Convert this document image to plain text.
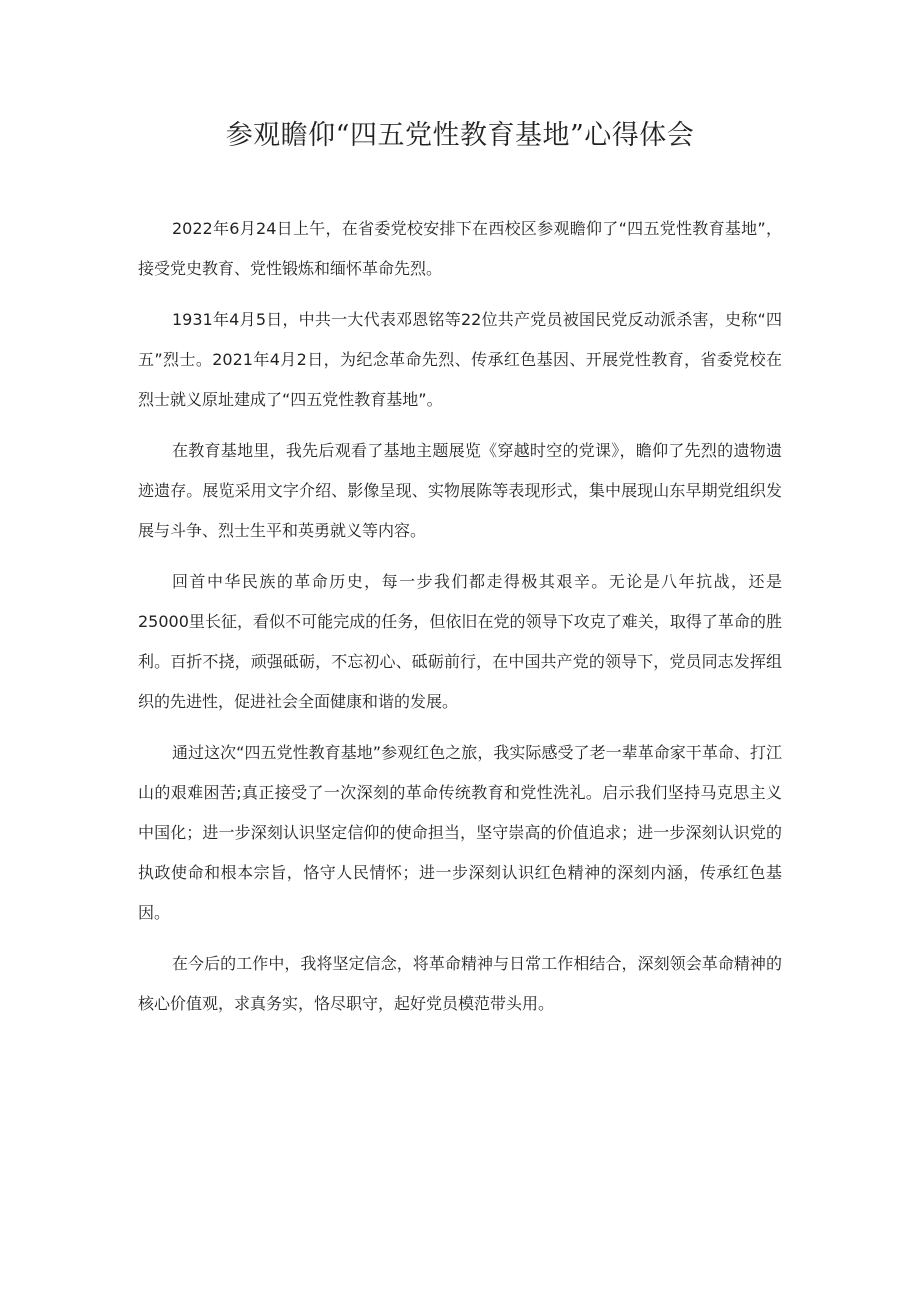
参观瞻仰“四五党性教育基地”心得体会

2022年6月24日上午，在省委党校安排下在西校区参观瞻仰了“四五党性教育基地”，接受党史教育、党性锻炼和缅怀革命先烈。

1931年4月5日，中共一大代表邓恩铭等22位共产党员被国民党反动派杀害，史称“四五”烈士。2021年4月2日，为纪念革命先烈、传承红色基因、开展党性教育，省委党校在烈士就义原址建成了“四五党性教育基地”。

在教育基地里，我先后观看了基地主题展览《穿越时空的党课》，瞻仰了先烈的遗物遗迹遗存。展览采用文字介绍、影像呈现、实物展陈等表现形式，集中展现山东早期党组织发展与斗争、烈士生平和英勇就义等内容。

回首中华民族的革命历史，每一步我们都走得极其艰辛。无论是八年抗战，还是25000里长征，看似不可能完成的任务，但依旧在党的领导下攻克了难关，取得了革命的胜利。百折不挠，顽强砥砺，不忘初心、砥砺前行，在中国共产党的领导下，党员同志发挥组织的先进性，促进社会全面健康和谐的发展。

通过这次“四五党性教育基地”参观红色之旅，我实际感受了老一辈革命家干革命、打江山的艰难困苦;真正接受了一次深刻的革命传统教育和党性洗礼。启示我们坚持马克思主义中国化；进一步深刻认识坚定信仰的使命担当，坚守崇高的价值追求；进一步深刻认识党的执政使命和根本宗旨，恪守人民情怀；进一步深刻认识红色精神的深刻内涵，传承红色基因。

在今后的工作中，我将坚定信念，将革命精神与日常工作相结合，深刻领会革命精神的核心价值观，求真务实，恪尽职守，起好党员模范带头用。
